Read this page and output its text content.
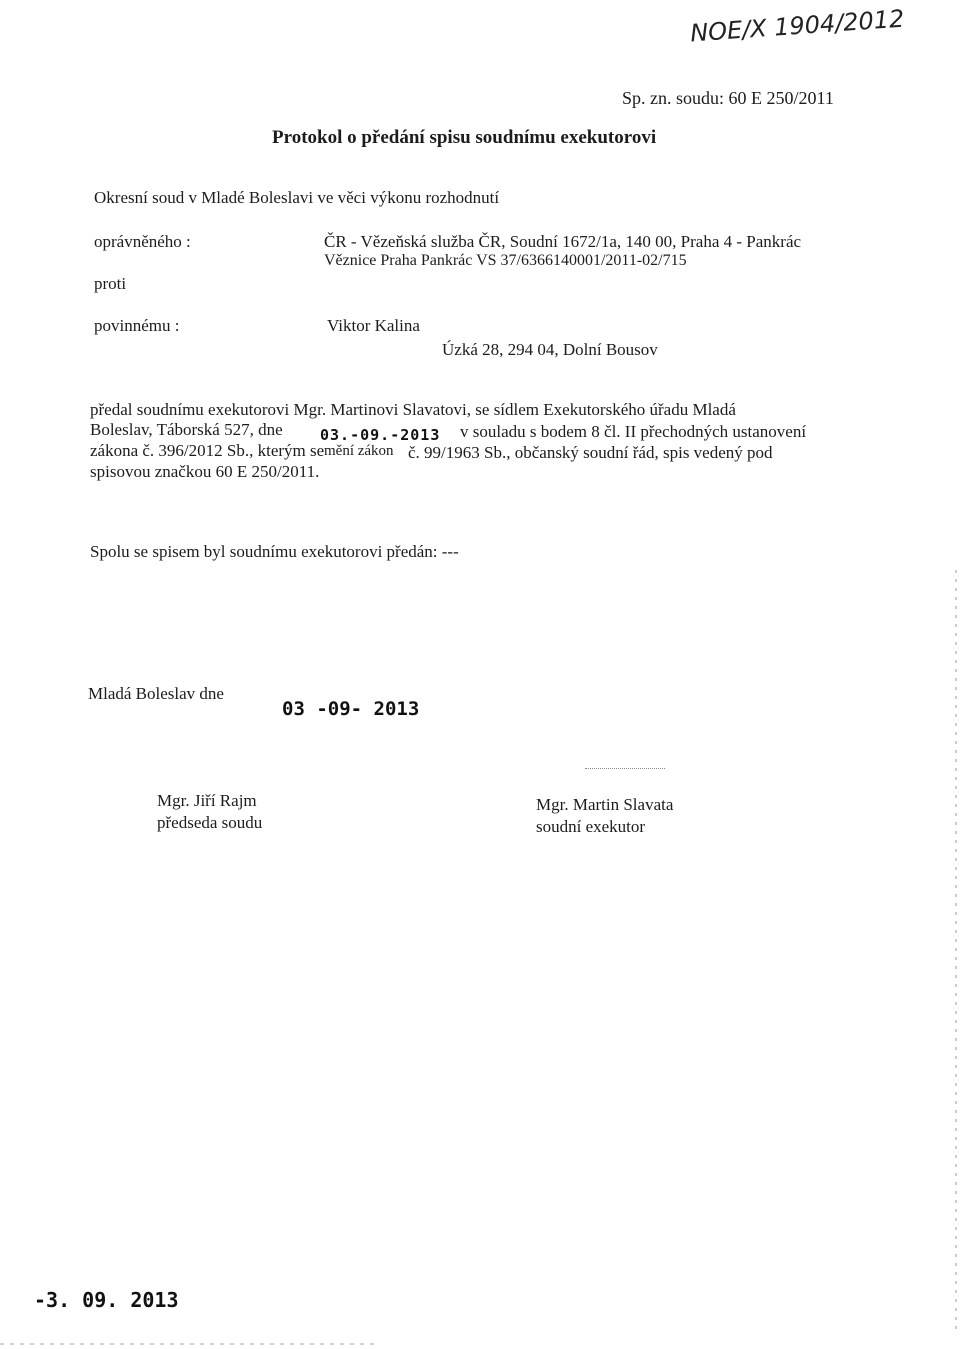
NOE/X 1904/2012
Sp. zn. soudu: 60 E 250/2011
Protokol o předání spisu soudnímu exekutorovi
Okresní soud v Mladé Boleslavi ve věci výkonu rozhodnutí
oprávněného :	ČR - Vězeňská služba ČR, Soudní 1672/1a, 140 00, Praha 4 - Pankrác
Věznice Praha Pankrác VS 37/6366140001/2011-02/715
proti
povinnému :	Viktor Kalina
Úzká 28, 294 04, Dolní Bousov
předal soudnímu exekutorovi Mgr. Martinovi Slavatovi, se sídlem Exekutorského úřadu Mladá
Boleslav, Táborská 527, dne 03.-09.-2013 v souladu s bodem 8 čl. II přechodných ustanovení
zákona č. 396/2012 Sb., kterým se mění zákon č. 99/1963 Sb., občanský soudní řád, spis vedený pod
spisovou značkou 60 E 250/2011.
Spolu se spisem byl soudnímu exekutorovi předán: ---
Mladá Boleslav dne
03 -09- 2013
Mgr. Jiří Rajm
předseda soudu
Mgr. Martin Slavata
soudní exekutor
-3. 09. 2013
